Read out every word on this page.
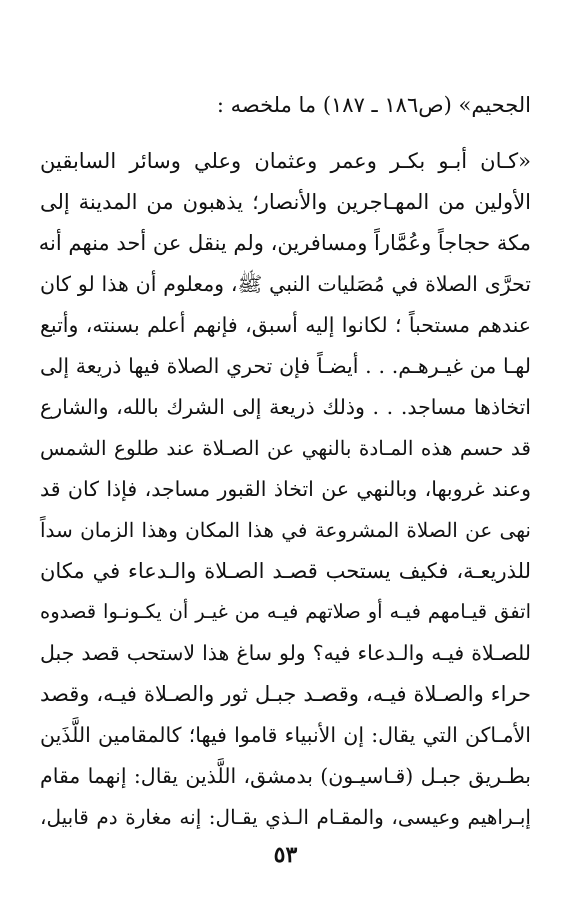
الجحيم» (ص١٨٦ ـ ١٨٧) ما ملخصه :
«كـان أبـو بكـر وعمر وعثمان وعلي وسائر السابقين
الأولين من المهـاجرين والأنصار؛ يذهبون من المدينة إلى
مكة حجاجاً وعُمَّاراً ومسافرين، ولم ينقل عن أحد منهم أنه
تحرَّى الصلاة في مُصَليات النبي ﷺ، ومعلوم أن هذا لو كان
عندهم مستحباً ؛ لكانوا إليه أسبق، فإنهم أعلم بسنته، وأتبع
لهـا من غيـرهـم. . . أيضـاً فإن تحري الصلاة فيها ذريعة إلى
اتخاذها مساجد. . . وذلك ذريعة إلى الشرك بالله، والشارع
قد حسم هذه المـادة بالنهي عن الصـلاة عند طلوع الشمس
وعند غروبها، وبالنهي عن اتخاذ القبور مساجد، فإذا كان قد
نهى عن الصلاة المشروعة في هذا المكان وهذا الزمان سداً
للذريعـة، فكيف يستحب قصـد الصـلاة والـدعاء في مكان
اتفق قيـامهم فيـه أو صلاتهم فيـه من غيـر أن يكـونـوا قصدوه
للصـلاة فيـه والـدعاء فيه؟ ولو ساغ هذا لاستحب قصد جبل
حراء والصـلاة فيـه، وقصـد جبـل ثور والصـلاة فيـه، وقصد
الأمـاكن التي يقال: إن الأنبياء قاموا فيها؛ كالمقامين اللَّذَين
بطـريق جبـل (قـاسيـون) بدمشق، اللَّذين يقال: إنهما مقام
إبـراهيم وعيسى، والمقـام الـذي يقـال: إنه مغارة دم قابيل،
٥٣
